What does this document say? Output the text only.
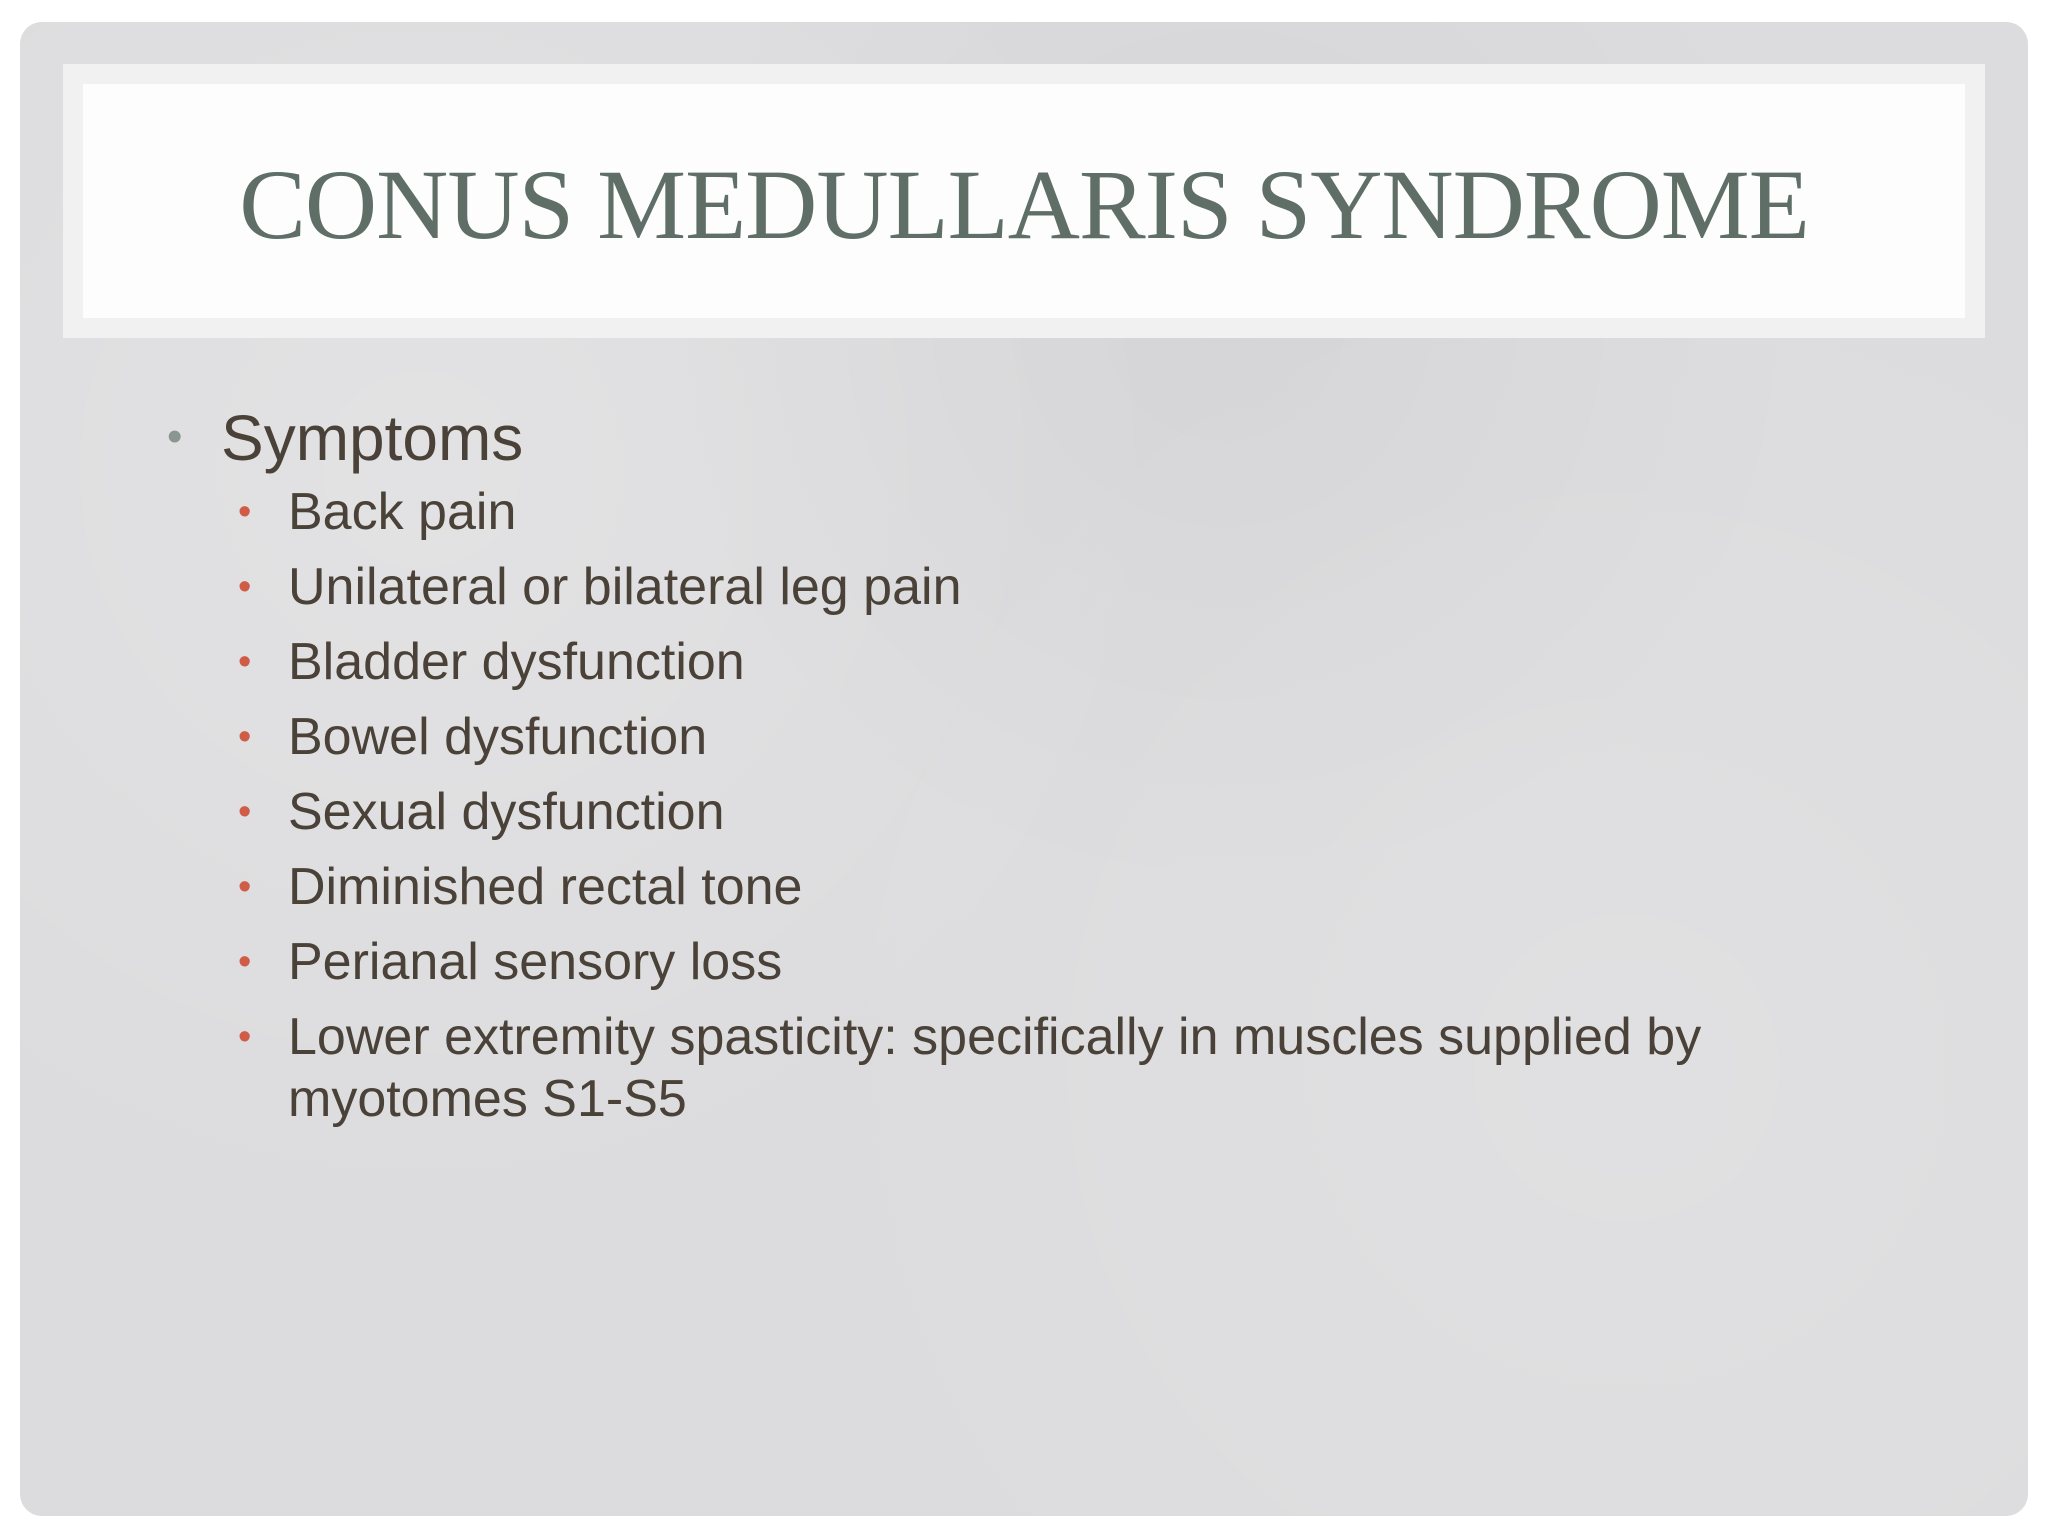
CONUS MEDULLARIS SYNDROME
• Symptoms
• Back pain
• Unilateral or bilateral leg pain
• Bladder dysfunction
• Bowel dysfunction
• Sexual dysfunction
• Diminished rectal tone
• Perianal sensory loss
• Lower extremity spasticity: specifically in muscles supplied by myotomes S1-S5
